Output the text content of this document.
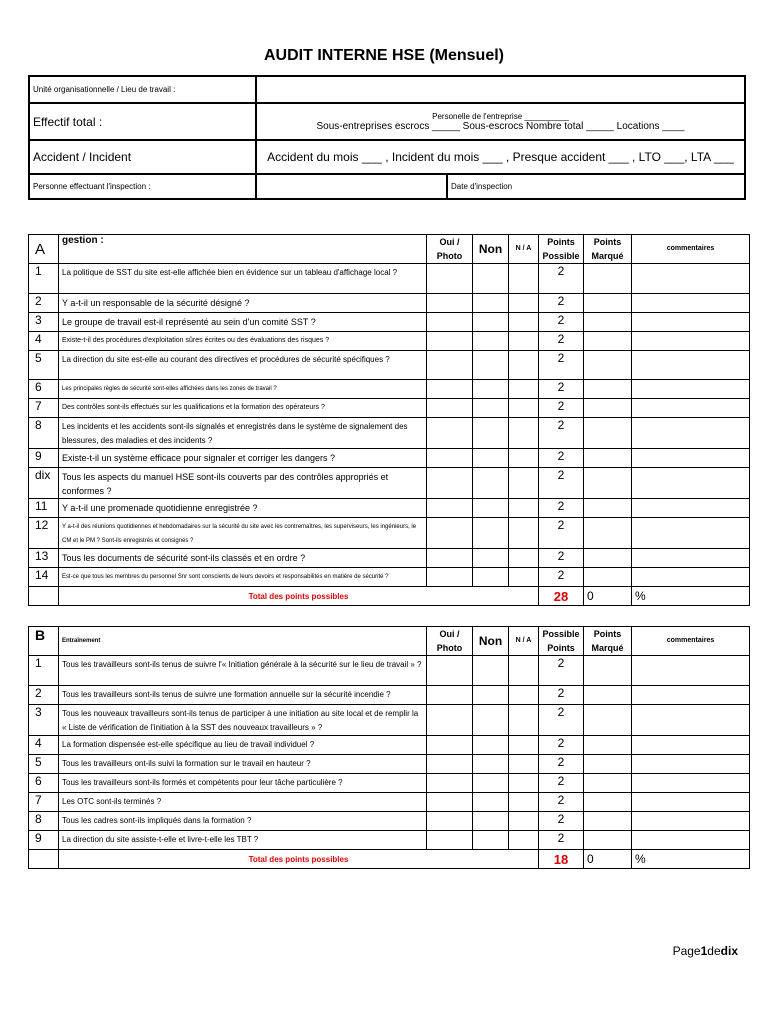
AUDIT INTERNE HSE (Mensuel)
Unité organisationnelle / Lieu de travail :		
Effectif total :	Personelle de l'entreprise __________
Sous-entreprises escrocs _____ Sous-escrocs Nombre total _____ Locations ____	

Accident / Incident	Accident du mois ___ , Incident du mois ___ , Presque accident ___ , LTO ___, LTA ___	
Personne effectuant l'inspection :		Date d'inspection
A	gestion :	Oui / Photo	Non	N / A	Points Possible	Points Marqué	commentaires
1	La politique de SST du site est-elle affichée bien en évidence sur un tableau d'affichage local ?				2		
2	Y a-t-il un responsable de la sécurité désigné ?				2		
3	Le groupe de travail est-il représenté au sein d'un comité SST ?				2		
4	Existe-t-il des procédures d'exploitation sûres écrites ou des évaluations des risques ?				2		
5	La direction du site est-elle au courant des directives et procédures de sécurité spécifiques ?				2		
6	Les principales règles de sécurité sont-elles affichées dans les zones de travail ?				2		
7	Des contrôles sont-ils effectués sur les qualifications et la formation des opérateurs ?				2		
8	Les incidents et les accidents sont-ils signalés et enregistrés dans le système de signalement des blessures, des maladies et des incidents ?				2		
9	Existe-t-il un système efficace pour signaler et corriger les dangers ?				2		
dix	Tous les aspects du manuel HSE sont-ils couverts par des contrôles appropriés et conformes ?				2		
11	Y a-t-il une promenade quotidienne enregistrée ?				2		
12	Y a-t-il des réunions quotidiennes et hebdomadaires sur la sécurité du site avec les contremaîtres, les superviseurs, les ingénieurs, le CM et le PM ? Sont-ils enregistrés et consignés ?				2		
13	Tous les documents de sécurité sont-ils classés et en ordre ?				2		
14	Est-ce que tous les membres du personnel Snr sont conscients de leurs devoirs et responsabilités en matière de sécurité ?				2		
	Total des points possibles				28	0	%
B	Entraînement	Oui / Photo	Non	N / A	Possible Points	Points Marqué	commentaires
1	Tous les travailleurs sont-ils tenus de suivre l'« Initiation générale à la sécurité sur le lieu de travail » ?				2		
2	Tous les travailleurs sont-ils tenus de suivre une formation annuelle sur la sécurité incendie ?				2		
3	Tous les nouveaux travailleurs sont-ils tenus de participer à une initiation au site local et de remplir la « Liste de vérification de l'initiation à la SST des nouveaux travailleurs » ?				2		
4	La formation dispensée est-elle spécifique au lieu de travail individuel ?				2		
5	Tous les travailleurs ont-ils suivi la formation sur le travail en hauteur ?				2		
6	Tous les travailleurs sont-ils formés et compétents pour leur tâche particulière ?				2		
7	Les OTC sont-ils terminés ?				2		
8	Tous les cadres sont-ils impliqués dans la formation ?				2		
9	La direction du site assiste-t-elle et livre-t-elle les TBT ?				2		
	Total des points possibles				18	0	%
Page1dedix
